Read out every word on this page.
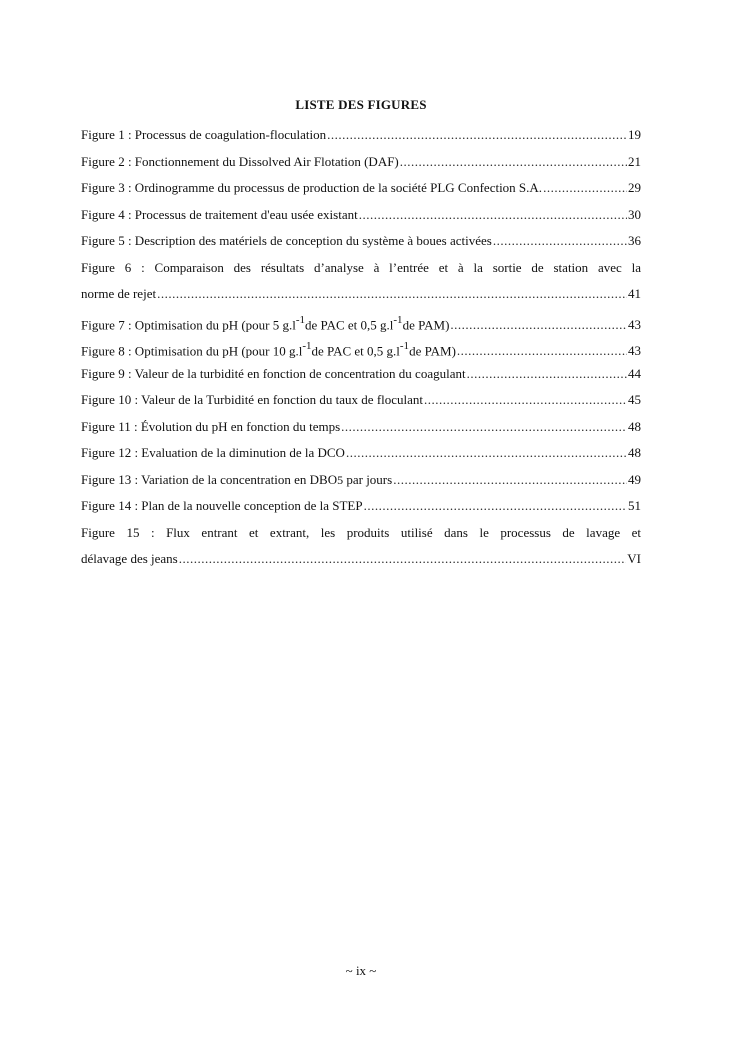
LISTE DES FIGURES
Figure 1 : Processus de coagulation-floculation .....	19
Figure 2 : Fonctionnement du Dissolved Air Flotation (DAF) .....	21
Figure 3 : Ordinogramme du processus de production de la société PLG Confection S.A. .....	29
Figure 4 : Processus de traitement d'eau usée existant .....	30
Figure 5 : Description des matériels de conception du système à boues activées .....	36
Figure 6 : Comparaison des résultats d’analyse à l’entrée et à la sortie de station avec la
norme de rejet .....	41
Figure 7 : Optimisation du pH (pour 5 $g.l^{-1}de$ PAC et 0,5 $g.l^{-1}de$ PAM) .....	43
Figure 8 : Optimisation du pH (pour 10 $g.l^{-1}de$ PAC et 0,5 $g.l^{-1}de$ PAM) .....	43
Figure 9 : Valeur de la turbidité en fonction de concentration du coagulant .....	44
Figure 10 : Valeur de la Turbidité en fonction du taux de floculant .....	45
Figure 11 : Évolution du pH en fonction du temps .....	48
Figure 12 : Evaluation de la diminution de la DCO .....	48
Figure 13 : Variation de la concentration en DBO5 par jours .....	49
Figure 14 : Plan de la nouvelle conception de la STEP .....	51
Figure 15 : Flux entrant et extrant, les produits utilisé dans le processus de lavage et
délavage des jeans .....	VI
~ ix ~
